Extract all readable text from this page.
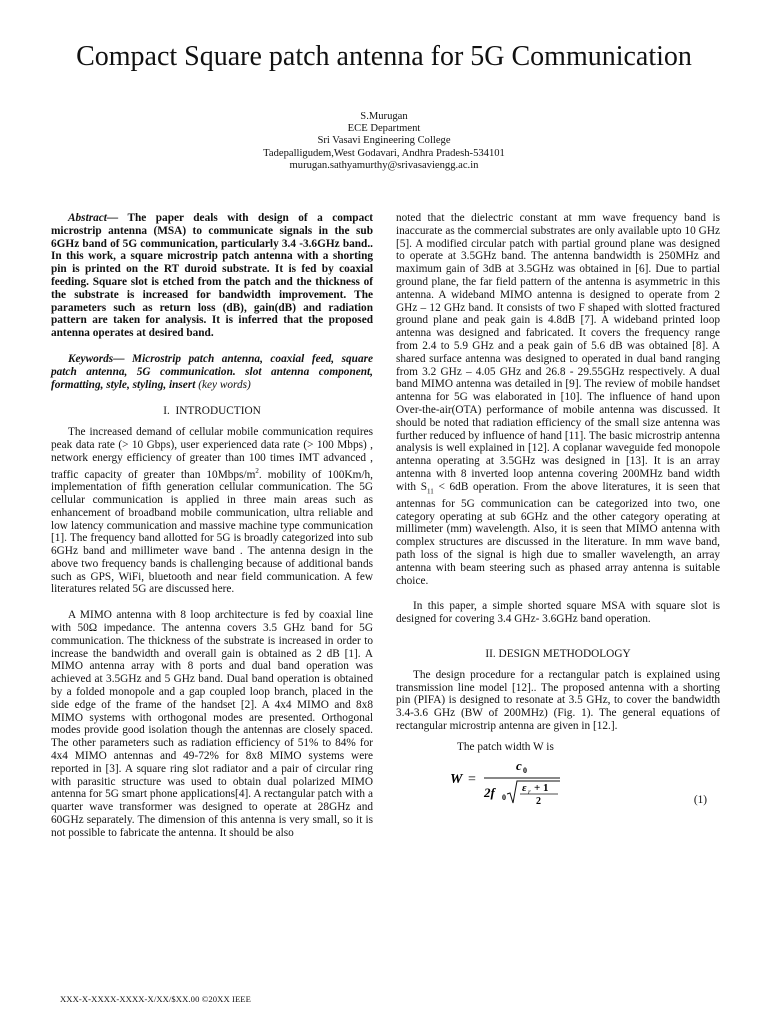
Compact Square patch antenna for 5G Communication
S.Murugan
ECE Department
Sri Vasavi Engineering College
Tadepalligudem,West Godavari, Andhra Pradesh-534101
murugan.sathyamurthy@srivasaviengg.ac.in

Abstract— The paper deals with design of a compact microstrip antenna (MSA) to communicate signals in the sub 6GHz band of 5G communication, particularly 3.4 -3.6GHz band.. In this work, a square microstrip patch antenna with a shorting pin is printed on the RT duroid substrate. It is fed by coaxial feeding. Square slot is etched from the patch and the thickness of the substrate is increased for bandwidth improvement. The parameters such as return loss (dB), gain(dB) and radiation pattern are taken for analysis. It is inferred that the proposed antenna operates at desired band.

Keywords— Microstrip patch antenna, coaxial feed, square patch antenna, 5G communication. slot antenna component, formatting, style, styling, insert (key words)

I. INTRODUCTION

The increased demand of cellular mobile communication requires peak data rate (> 10 Gbps), user experienced data rate (> 100 Mbps) , network energy efficiency of greater than 100 times IMT advanced , traffic capacity of greater than $10Mbps/m^2$. mobility of 100Km/h, implementation of fifth generation cellular communication. The 5G cellular communication is applied in three main areas such as enhancement of broadband mobile communication, ultra reliable and low latency communication and massive machine type communication [1]. The frequency band allotted for 5G is broadly categorized into sub 6GHz band and millimeter wave band . The antenna design in the above two frequency bands is challenging because of additional bands such as GPS, WiFi, bluetooth and near field communication. A few literatures related 5G are discussed here.

A MIMO antenna with 8 loop architecture is fed by coaxial line with 50Ω impedance. The antenna covers 3.5 GHz band for 5G communication. The thickness of the substrate is increased in order to increase the bandwidth and overall gain is obtained as 2 dB [1]. A MIMO antenna array with 8 ports and dual band operation was achieved at 3.5GHz and 5 GHz band. Dual band operation is obtained by a folded monopole and a gap coupled loop branch, placed in the side edge of the frame of the handset [2]. A 4x4 MIMO and 8x8 MIMO systems with orthogonal modes are presented. Orthogonal modes provide good isolation though the antennas are closely spaced. The other parameters such as radiation efficiency of 51% to 84% for 4x4 MIMO antennas and 49-72% for 8x8 MIMO systems were reported in [3]. A square ring slot radiator and a pair of circular ring with parasitic structure was used to obtain dual polarized MIMO antenna for 5G smart phone applications[4]. A rectangular patch with a quarter wave transformer was designed to operate at 28GHz and 60GHz separately. The dimension of this antenna is very small, so it is not possible to fabricate the antenna. It should be also

noted that the dielectric constant at mm wave frequency band is inaccurate as the commercial substrates are only available upto 10 GHz [5]. A modified circular patch with partial ground plane was designed to operate at 3.5GHz band. The antenna bandwidth is 250MHz and maximum gain of 3dB at 3.5GHz was obtained in [6]. Due to partial ground plane, the far field pattern of the antenna is asymmetric in this antenna. A wideband MIMO antenna is designed to operate from 2 GHz – 12 GHz band. It consists of two F shaped with slotted fractured ground plane and peak gain is 4.8dB [7]. A wideband printed loop antenna was designed and fabricated. It covers the frequency range from 2.4 to 5.9 GHz and a peak gain of 5.6 dB was obtained [8]. A shared surface antenna was designed to operated in dual band ranging from 3.2 GHz – 4.05 GHz and 26.8 - 29.55GHz respectively. A dual band MIMO antenna was detailed in [9]. The review of mobile handset antenna for 5G was elaborated in [10]. The influence of hand upon Over-the-air(OTA) performance of mobile antenna was discussed. It should be noted that radiation efficiency of the small size antenna was further reduced by influence of hand [11]. The basic microstrip antenna analysis is well explained in [12]. A coplanar waveguide fed monopole antenna operating at 3.5GHz was designed in [13]. It is an array antenna with 8 inverted loop antenna covering 200MHz band width with $S_{11} < 6dB$ operation. From the above literatures, it is seen that antennas for 5G communication can be categorized into two, one category operating at sub 6GHz and the other category operating at millimeter (mm) wavelength. Also, it is seen that MIMO antenna with complex structures are discussed in the literature. In mm wave band, path loss of the signal is high due to smaller wavelength, an array antenna with beam steering such as phased array antenna is suitable choice.

In this paper, a simple shorted square MSA with square slot is designed for covering 3.4 GHz- 3.6GHz band operation.

II. DESIGN METHODOLOGY

The design procedure for a rectangular patch is explained using transmission line model [12].. The proposed antenna with a shorting pin (PIFA) is designed to resonate at 3.5 GHz, to cover the bandwidth 3.4-3.6 GHz (BW of 200MHz) (Fig. 1). The general equations of rectangular microstrip antenna are given in [12.].

The patch width W is
W =
c 0
2f 0
ε r + 1
2	(1)
XXX-X-XXXX-XXXX-X/XX/$XX.00 ©20XX IEEE
